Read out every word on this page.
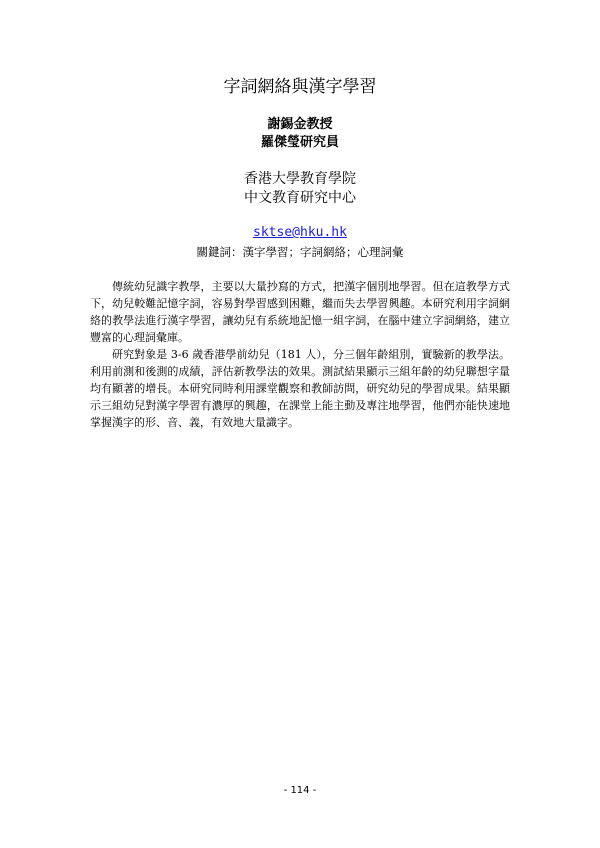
字詞網絡與漢字學習
謝錫金教授
羅傑瑩研究員
香港大學教育學院
中文教育研究中心
sktse@hku.hk
關鍵詞：漢字學習；字詞網絡；心理詞彙

傳統幼兒識字教學，主要以大量抄寫的方式，把漢字個別地學習。但在這教學方式下，幼兒較難記憶字詞，容易對學習感到困難，繼而失去學習興趣。本研究利用字詞網絡的教學法進行漢字學習，讓幼兒有系統地記憶一組字詞，在腦中建立字詞網絡，建立豐富的心理詞彙庫。

研究對象是 3-6 歲香港學前幼兒（181 人），分三個年齡組別，實驗新的教學法。利用前測和後測的成績，評估新教學法的效果。測試結果顯示三組年齡的幼兒聯想字量均有顯著的增長。本研究同時利用課堂觀察和教師訪問，研究幼兒的學習成果。結果顯示三組幼兒對漢字學習有濃厚的興趣，在課堂上能主動及專注地學習，他們亦能快速地掌握漢字的形、音、義，有效地大量識字。

- 114 -
